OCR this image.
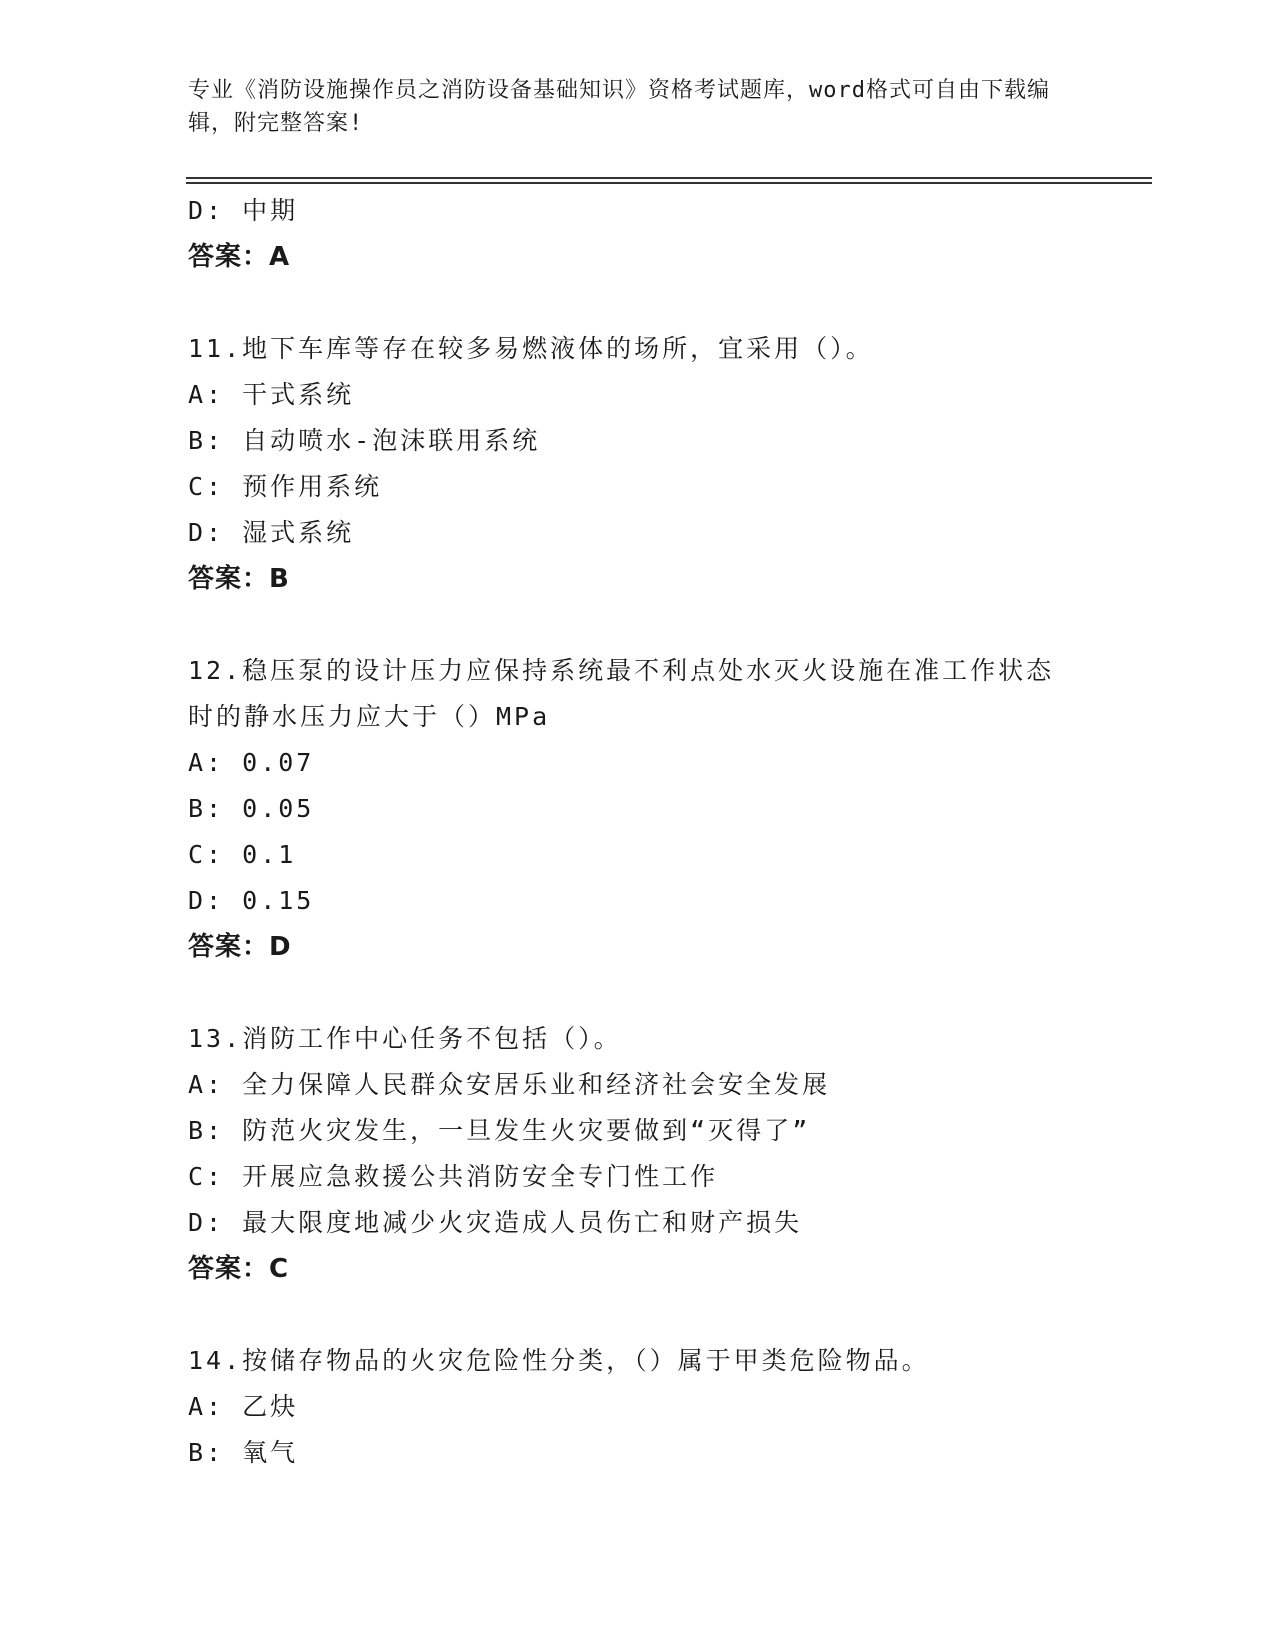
专业《消防设施操作员之消防设备基础知识》资格考试题库，word格式可自由下载编辑，附完整答案!
D: 中期
答案：A
11.地下车库等存在较多易燃液体的场所，宜采用（）。
A: 干式系统
B: 自动喷水-泡沫联用系统
C: 预作用系统
D: 湿式系统
答案：B
12.稳压泵的设计压力应保持系统最不利点处水灭火设施在准工作状态
时的静水压力应大于（）MPa
A: 0.07
B: 0.05
C: 0.1
D: 0.15
答案：D
13.消防工作中心任务不包括（）。
A: 全力保障人民群众安居乐业和经济社会安全发展
B: 防范火灾发生，一旦发生火灾要做到“灭得了”
C: 开展应急救援公共消防安全专门性工作
D: 最大限度地减少火灾造成人员伤亡和财产损失
答案：C
14.按储存物品的火灾危险性分类，（）属于甲类危险物品。
A: 乙炔
B: 氧气
